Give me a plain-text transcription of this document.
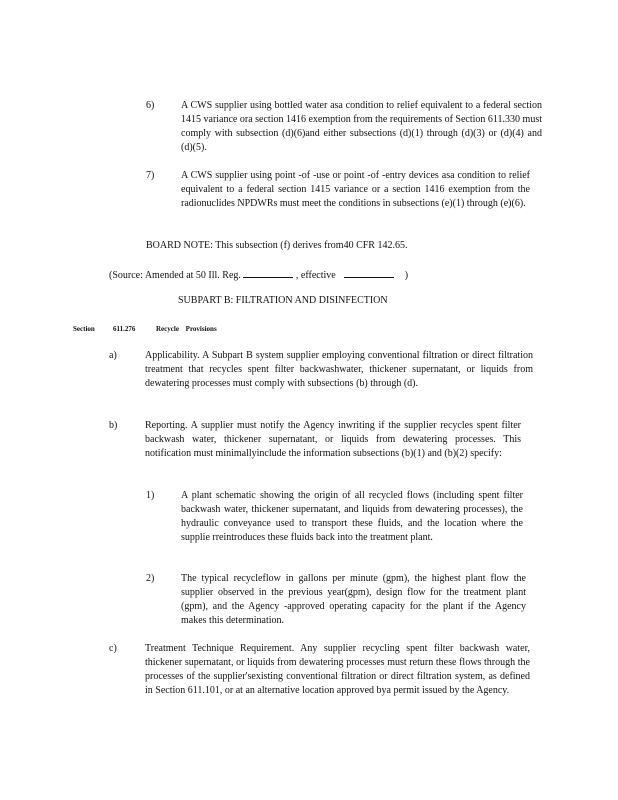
6)	A CWS supplier using bottled water asa condition to relief equivalent to a federal section 1415 variance ora section 1416 exemption from the requirements of Section 611.330 must comply with subsection (d)(6)and either subsections (d)(1) through (d)(3) or (d)(4) and (d)(5).
7)	A CWS supplier using point -of -use or point -of -entry devices asa condition to relief equivalent to a federal section 1415 variance or a section 1416 exemption from the radionuclides NPDWRs must meet the conditions in subsections (e)(1) through (e)(6).
BOARD NOTE: This subsection (f) derives from40 CFR 142.65.
(Source: Amended at 50 Ill. Reg.	, effective	)
SUBPART B: FILTRATION AND DISINFECTION
Section	611.276	Recycle Provisions
a)	Applicability. A Subpart B system supplier employing conventional filtration or direct filtration treatment that recycles spent filter backwashwater, thickener supernatant, or liquids from dewatering processes must comply with subsections (b) through (d).
b)	Reporting. A supplier must notify the Agency inwriting if the supplier recycles spent filter backwash water, thickener supernatant, or liquids from dewatering processes. This notification must minimallyinclude the information subsections (b)(1) and (b)(2) specify:
1)	A plant schematic showing the origin of all recycled flows (including spent filter backwash water, thickener supernatant, and liquids from dewatering processes), the hydraulic conveyance used to transport these fluids, and the location where the supplie rreintroduces these fluids back into the treatment plant.
2)	The typical recycleflow in gallons per minute (gpm), the highest plant flow the supplier observed in the previous year(gpm), design flow for the treatment plant (gpm), and the Agency -approved operating capacity for the plant if the Agency makes this determination.
c)	Treatment Technique Requirement. Any supplier recycling spent filter backwash water, thickener supernatant, or liquids from dewatering processes must return these flows through the processes of the supplier'sexisting conventional filtration or direct filtration system, as defined in Section 611.101, or at an alternative location approved bya permit issued by the Agency.
